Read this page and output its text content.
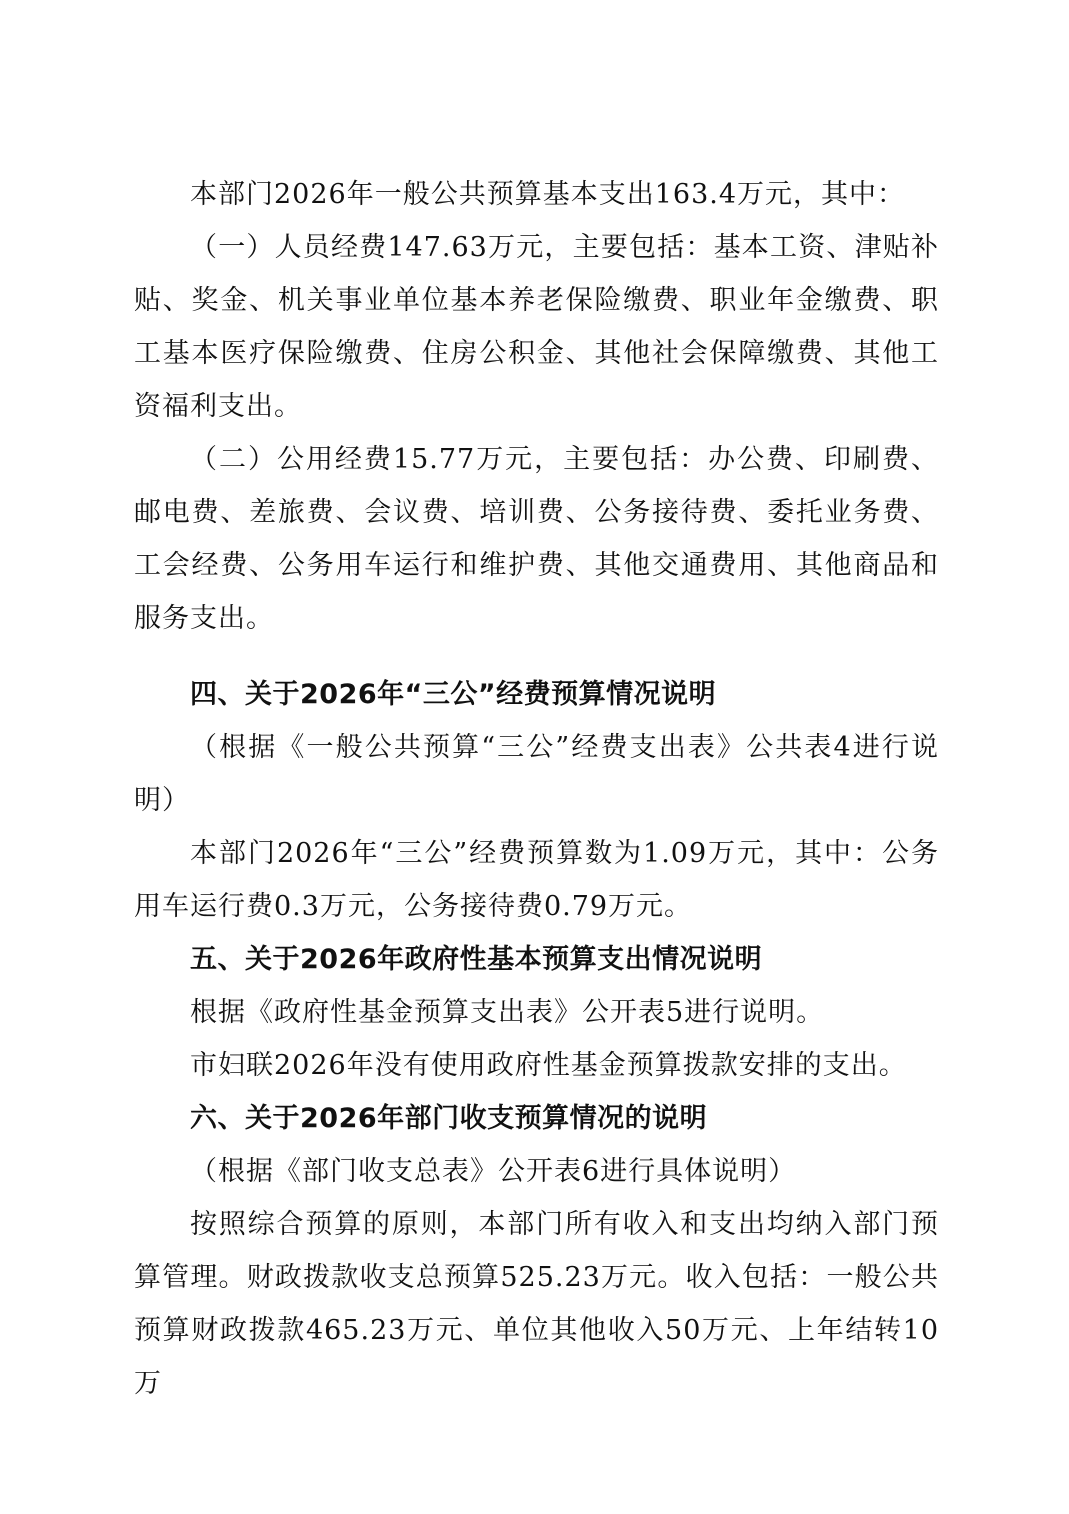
本部门2026年一般公共预算基本支出163.4万元，其中：

（一）人员经费147.63万元，主要包括：基本工资、津贴补贴、奖金、机关事业单位基本养老保险缴费、职业年金缴费、职工基本医疗保险缴费、住房公积金、其他社会保障缴费、其他工资福利支出。

（二）公用经费15.77万元，主要包括：办公费、印刷费、邮电费、差旅费、会议费、培训费、公务接待费、委托业务费、工会经费、公务用车运行和维护费、其他交通费用、其他商品和服务支出。

四、关于2026年“三公”经费预算情况说明

（根据《一般公共预算“三公”经费支出表》公共表4进行说明）

本部门2026年“三公”经费预算数为1.09万元，其中：公务用车运行费0.3万元，公务接待费0.79万元。

五、关于2026年政府性基本预算支出情况说明

根据《政府性基金预算支出表》公开表5进行说明。

市妇联2026年没有使用政府性基金预算拨款安排的支出。

六、关于2026年部门收支预算情况的说明

（根据《部门收支总表》公开表6进行具体说明）

按照综合预算的原则，本部门所有收入和支出均纳入部门预算管理。财政拨款收支总预算525.23万元。收入包括：一般公共预算财政拨款465.23万元、单位其他收入50万元、上年结转10万
